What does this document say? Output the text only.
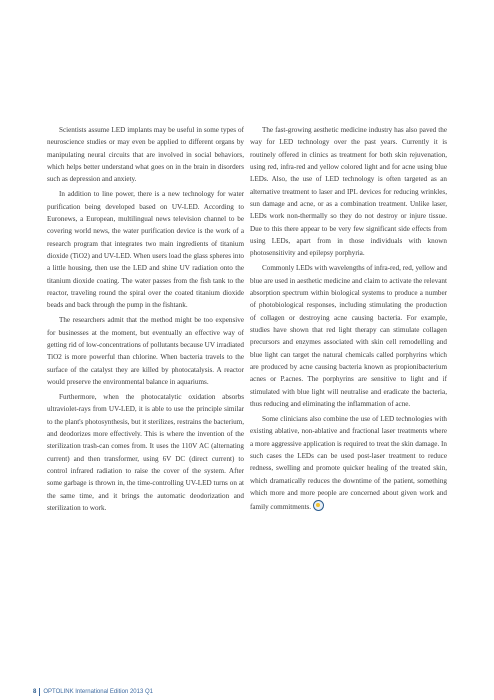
Scientists assume LED implants may be useful in some types of neuroscience studies or may even be applied to different organs by manipulating neural circuits that are involved in social behaviors, which helps better understand what goes on in the brain in disorders such as depression and anxiety.

In addition to line power, there is a new technology for water purification being developed based on UV-LED. According to Euronews, a European, multilingual news television channel to be covering world news, the water purification device is the work of a research program that integrates two main ingredients of titanium dioxide (TiO2) and UV-LED. When users load the glass spheres into a little housing, then use the LED and shine UV radiation onto the titanium dioxide coating. The water passes from the fish tank to the reactor, traveling round the spiral over the coated titanium dioxide beads and back through the pump in the fishtank.

The researchers admit that the method might be too expensive for businesses at the moment, but eventually an effective way of getting rid of low-concentrations of pollutants because UV irradiated TiO2 is more powerful than chlorine. When bacteria travels to the surface of the catalyst they are killed by photocatalysis. A reactor would preserve the environmental balance in aquariums.

Furthermore, when the photocatalytic oxidation absorbs ultraviolet-rays from UV-LED, it is able to use the principle similar to the plant's photosynthesis, but it sterilizes, restrains the bacterium, and deodorizes more effectively. This is where the invention of the sterilization trash-can comes from. It uses the 110V AC (alternating current) and then transformer, using 6V DC (direct current) to control infrared radiation to raise the cover of the system. After some garbage is thrown in, the time-controlling UV-LED turns on at the same time, and it brings the automatic deodorization and sterilization to work.

The fast-growing aesthetic medicine industry has also paved the way for LED technology over the past years. Currently it is routinely offered in clinics as treatment for both skin rejuvenation, using red, infra-red and yellow colored light and for acne using blue LEDs. Also, the use of LED technology is often targeted as an alternative treatment to laser and IPL devices for reducing wrinkles, sun damage and acne, or as a combination treatment. Unlike laser, LEDs work non-thermally so they do not destroy or injure tissue. Due to this there appear to be very few significant side effects from using LEDs, apart from in those individuals with known photosensitivity and epilepsy porphyria.

Commonly LEDs with wavelengths of infra-red, red, yellow and blue are used in aesthetic medicine and claim to activate the relevant absorption spectrum within biological systems to produce a number of photobiological responses, including stimulating the production of collagen or destroying acne causing bacteria. For example, studies have shown that red light therapy can stimulate collagen precursors and enzymes associated with skin cell remodelling and blue light can target the natural chemicals called porphyrins which are produced by acne causing bacteria known as propionibacterium acnes or P.acnes. The porphyrins are sensitive to light and if stimulated with blue light will neutralise and eradicate the bacteria, thus reducing and eliminating the inflammation of acne.

Some clinicians also combine the use of LED technologies with existing ablative, non-ablative and fractional laser treatments where a more aggressive application is required to treat the skin damage. In such cases the LEDs can be used post-laser treatment to reduce redness, swelling and promote quicker healing of the treated skin, which dramatically reduces the downtime of the patient, something which more and more people are concerned about given work and family commitments.

8 OPTOLINK International Edition 2013 Q1
